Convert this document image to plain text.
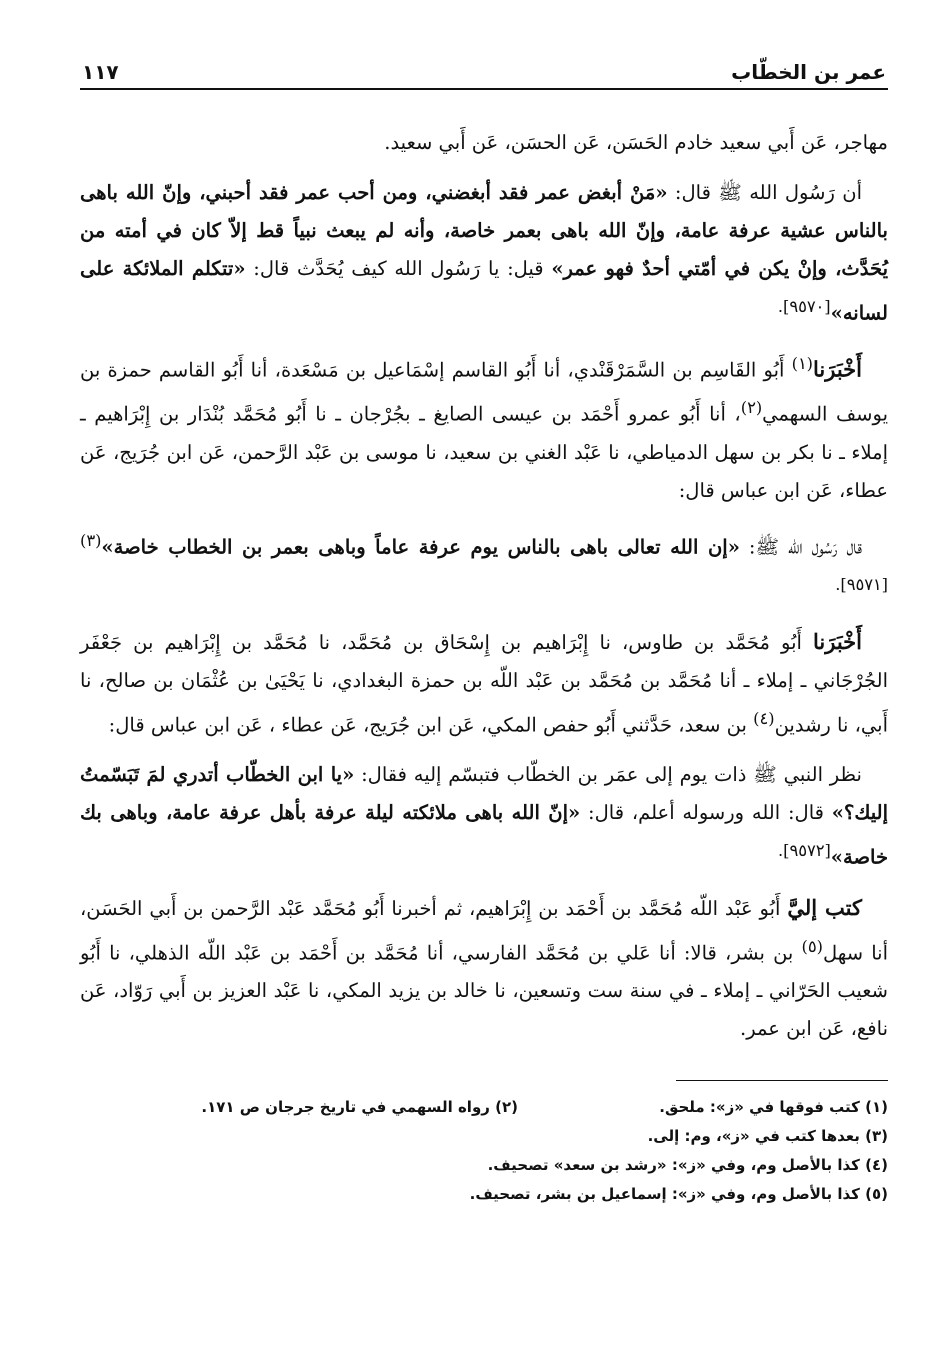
عمر بن الخطّاب
١١٧

مهاجر، عَن أَبي سعيد خادم الحَسَن، عَن الحسَن، عَن أَبي سعيد.

أن رَسُول الله ﷺ قال: «مَنْ أبغض عمر فقد أبغضني، ومن أحب عمر فقد أحبني، وإنّ الله باهى بالناس عشية عرفة عامة، وإنّ الله باهى بعمر خاصة، وأنه لم يبعث نبياً قط إلاّ كان في أمته من يُحَدَّث، وإنْ يكن في أمّتي أحدٌ فهو عمر» قيل: يا رَسُول الله كيف يُحَدَّث قال: «تتكلم الملائكة على لسانه»$^{[٩٥٧٠].}$

أَخْبَرَنا$^{(١)}$ أَبُو القَاسِم بن السَّمَرْقَنْدي، أنا أَبُو القاسم إسْمَاعيل بن مَسْعَدة، أنا أَبُو القاسم حمزة بن يوسف السهمي$^{(٢)}$، أنا أَبُو عمرو أَحْمَد بن عيسى الصايغ ـ بجُرْجان ـ نا أَبُو مُحَمَّد بُنْدَار بن إِبْرَاهيم ـ إملاء ـ نا بكر بن سهل الدمياطي، نا عَبْد الغني بن سعيد، نا موسى بن عَبْد الرَّحمن، عَن ابن جُرَيج، عَن عطاء، عَن ابن عباس قال:

قال رَسُول الله ﷺ: «إن الله تعالى باهى بالناس يوم عرفة عاماً وباهى بعمر بن الخطاب خاصة»$^{(٣)[٩٥٧١].}$

أَخْبَرَنا أَبُو مُحَمَّد بن طاوس، نا إِبْرَاهيم بن إِسْحَاق بن مُحَمَّد، نا مُحَمَّد بن إِبْرَاهيم بن جَعْفَر الجُرْجَاني ـ إملاء ـ أنا مُحَمَّد بن مُحَمَّد بن عَبْد اللّه بن حمزة البغدادي، نا يَحْيَىٰ بن عُثْمَان بن صالح، نا أَبي، نا رشدين$^{(٤)}$ بن سعد، حَدَّثني أَبُو حفص المكي، عَن ابن جُرَيج، عَن عطاء ، عَن ابن عباس قال:

نظر النبي ﷺ ذات يوم إلى عمَر بن الخطّاب فتبسّم إليه فقال: «يا ابن الخطّاب أتدري لمَ تَبَسّمتُ إليك؟» قال: الله ورسوله أعلم، قال: «إنّ الله باهى ملائكته ليلة عرفة بأهل عرفة عامة، وباهى بك خاصة»$^{[٩٥٧٢].}$

كتب إليَّ أَبُو عَبْد اللّه مُحَمَّد بن أَحْمَد بن إِبْرَاهيم، ثم أخبرنا أَبُو مُحَمَّد عَبْد الرَّحمن بن أَبي الحَسَن، أنا سهل$^{(٥)}$ بن بشر، قالا: أنا عَلي بن مُحَمَّد الفارسي، أنا مُحَمَّد بن أَحْمَد بن عَبْد اللّه الذهلي، نا أَبُو شعيب الحَرّاني ـ إملاء ـ في سنة ست وتسعين، نا خالد بن يزيد المكي، نا عَبْد العزيز بن أَبي رَوّاد، عَن نافع، عَن ابن عمر.

(١) كتب فوقها في «ز»: ملحق.
(٢) رواه السهمي في تاريخ جرجان ص ١٧١.
(٣) بعدها كتب في «ز»، وم: إلى.
(٤) كذا بالأصل وم، وفي «ز»: «رشد بن سعد» تصحيف.
(٥) كذا بالأصل وم، وفي «ز»: إسماعيل بن بشر، تصحيف.
